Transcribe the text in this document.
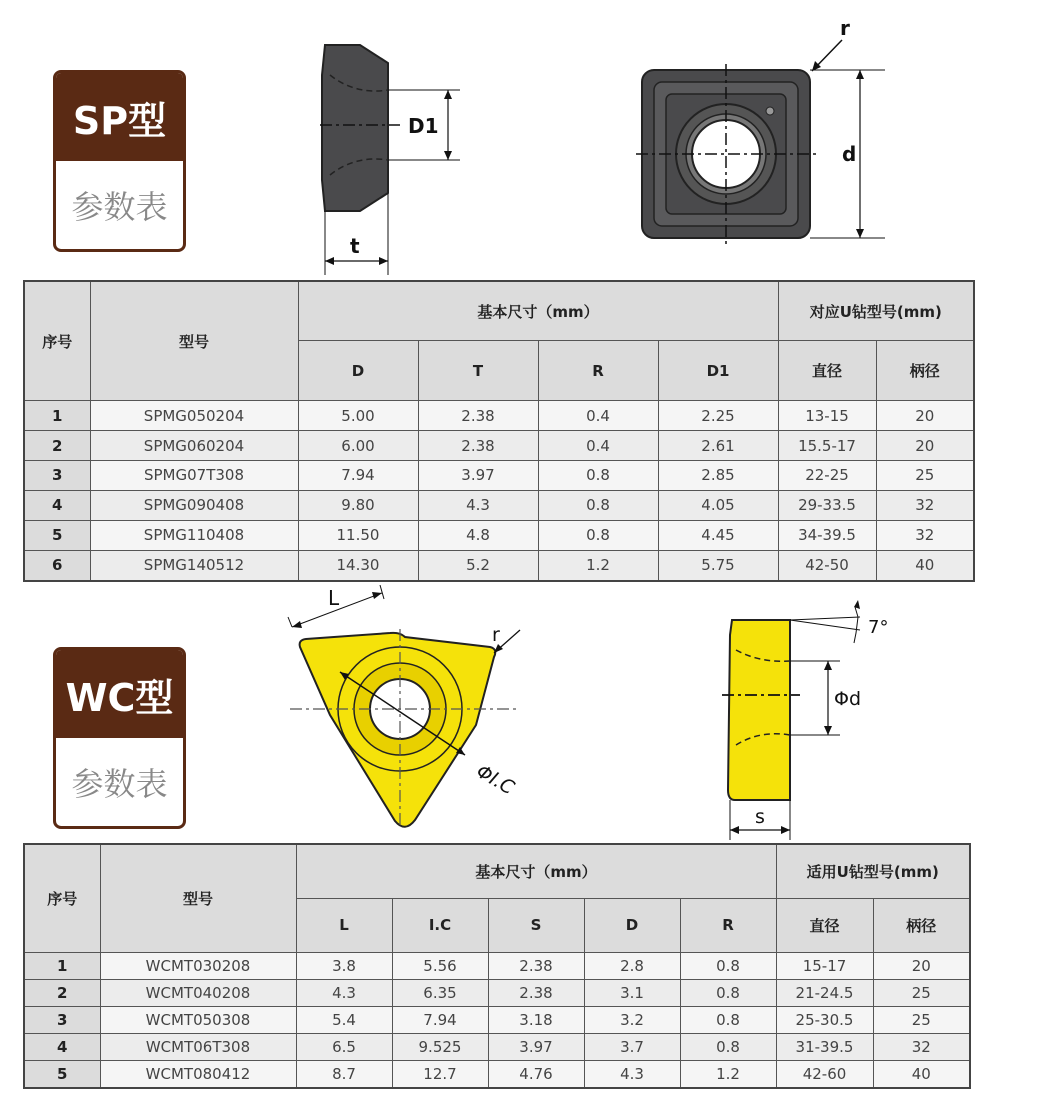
SP型
参数表
D1
t
d
r
序号	型号	基本尺寸（mm）				对应U钻型号(mm)	
		D	T	R	D1	直径	柄径
1	SPMG050204	5.00	2.38	0.4	2.25	13-15	20
2	SPMG060204	6.00	2.38	0.4	2.61	15.5-17	20
3	SPMG07T308	7.94	3.97	0.8	2.85	22-25	25
4	SPMG090408	9.80	4.3	0.8	4.05	29-33.5	32
5	SPMG110408	11.50	4.8	0.8	4.45	34-39.5	32
6	SPMG140512	14.30	5.2	1.2	5.75	42-50	40
WC型
参数表	ΦI.C
L
r	7°
Φd
s
序号	型号	基本尺寸（mm）					适用U钻型号(mm)	
		L	I.C	S	D	R	直径	柄径
1	WCMT030208	3.8	5.56	2.38	2.8	0.8	15-17	20
2	WCMT040208	4.3	6.35	2.38	3.1	0.8	21-24.5	25
3	WCMT050308	5.4	7.94	3.18	3.2	0.8	25-30.5	25
4	WCMT06T308	6.5	9.525	3.97	3.7	0.8	31-39.5	32
5	WCMT080412	8.7	12.7	4.76	4.3	1.2	42-60	40
